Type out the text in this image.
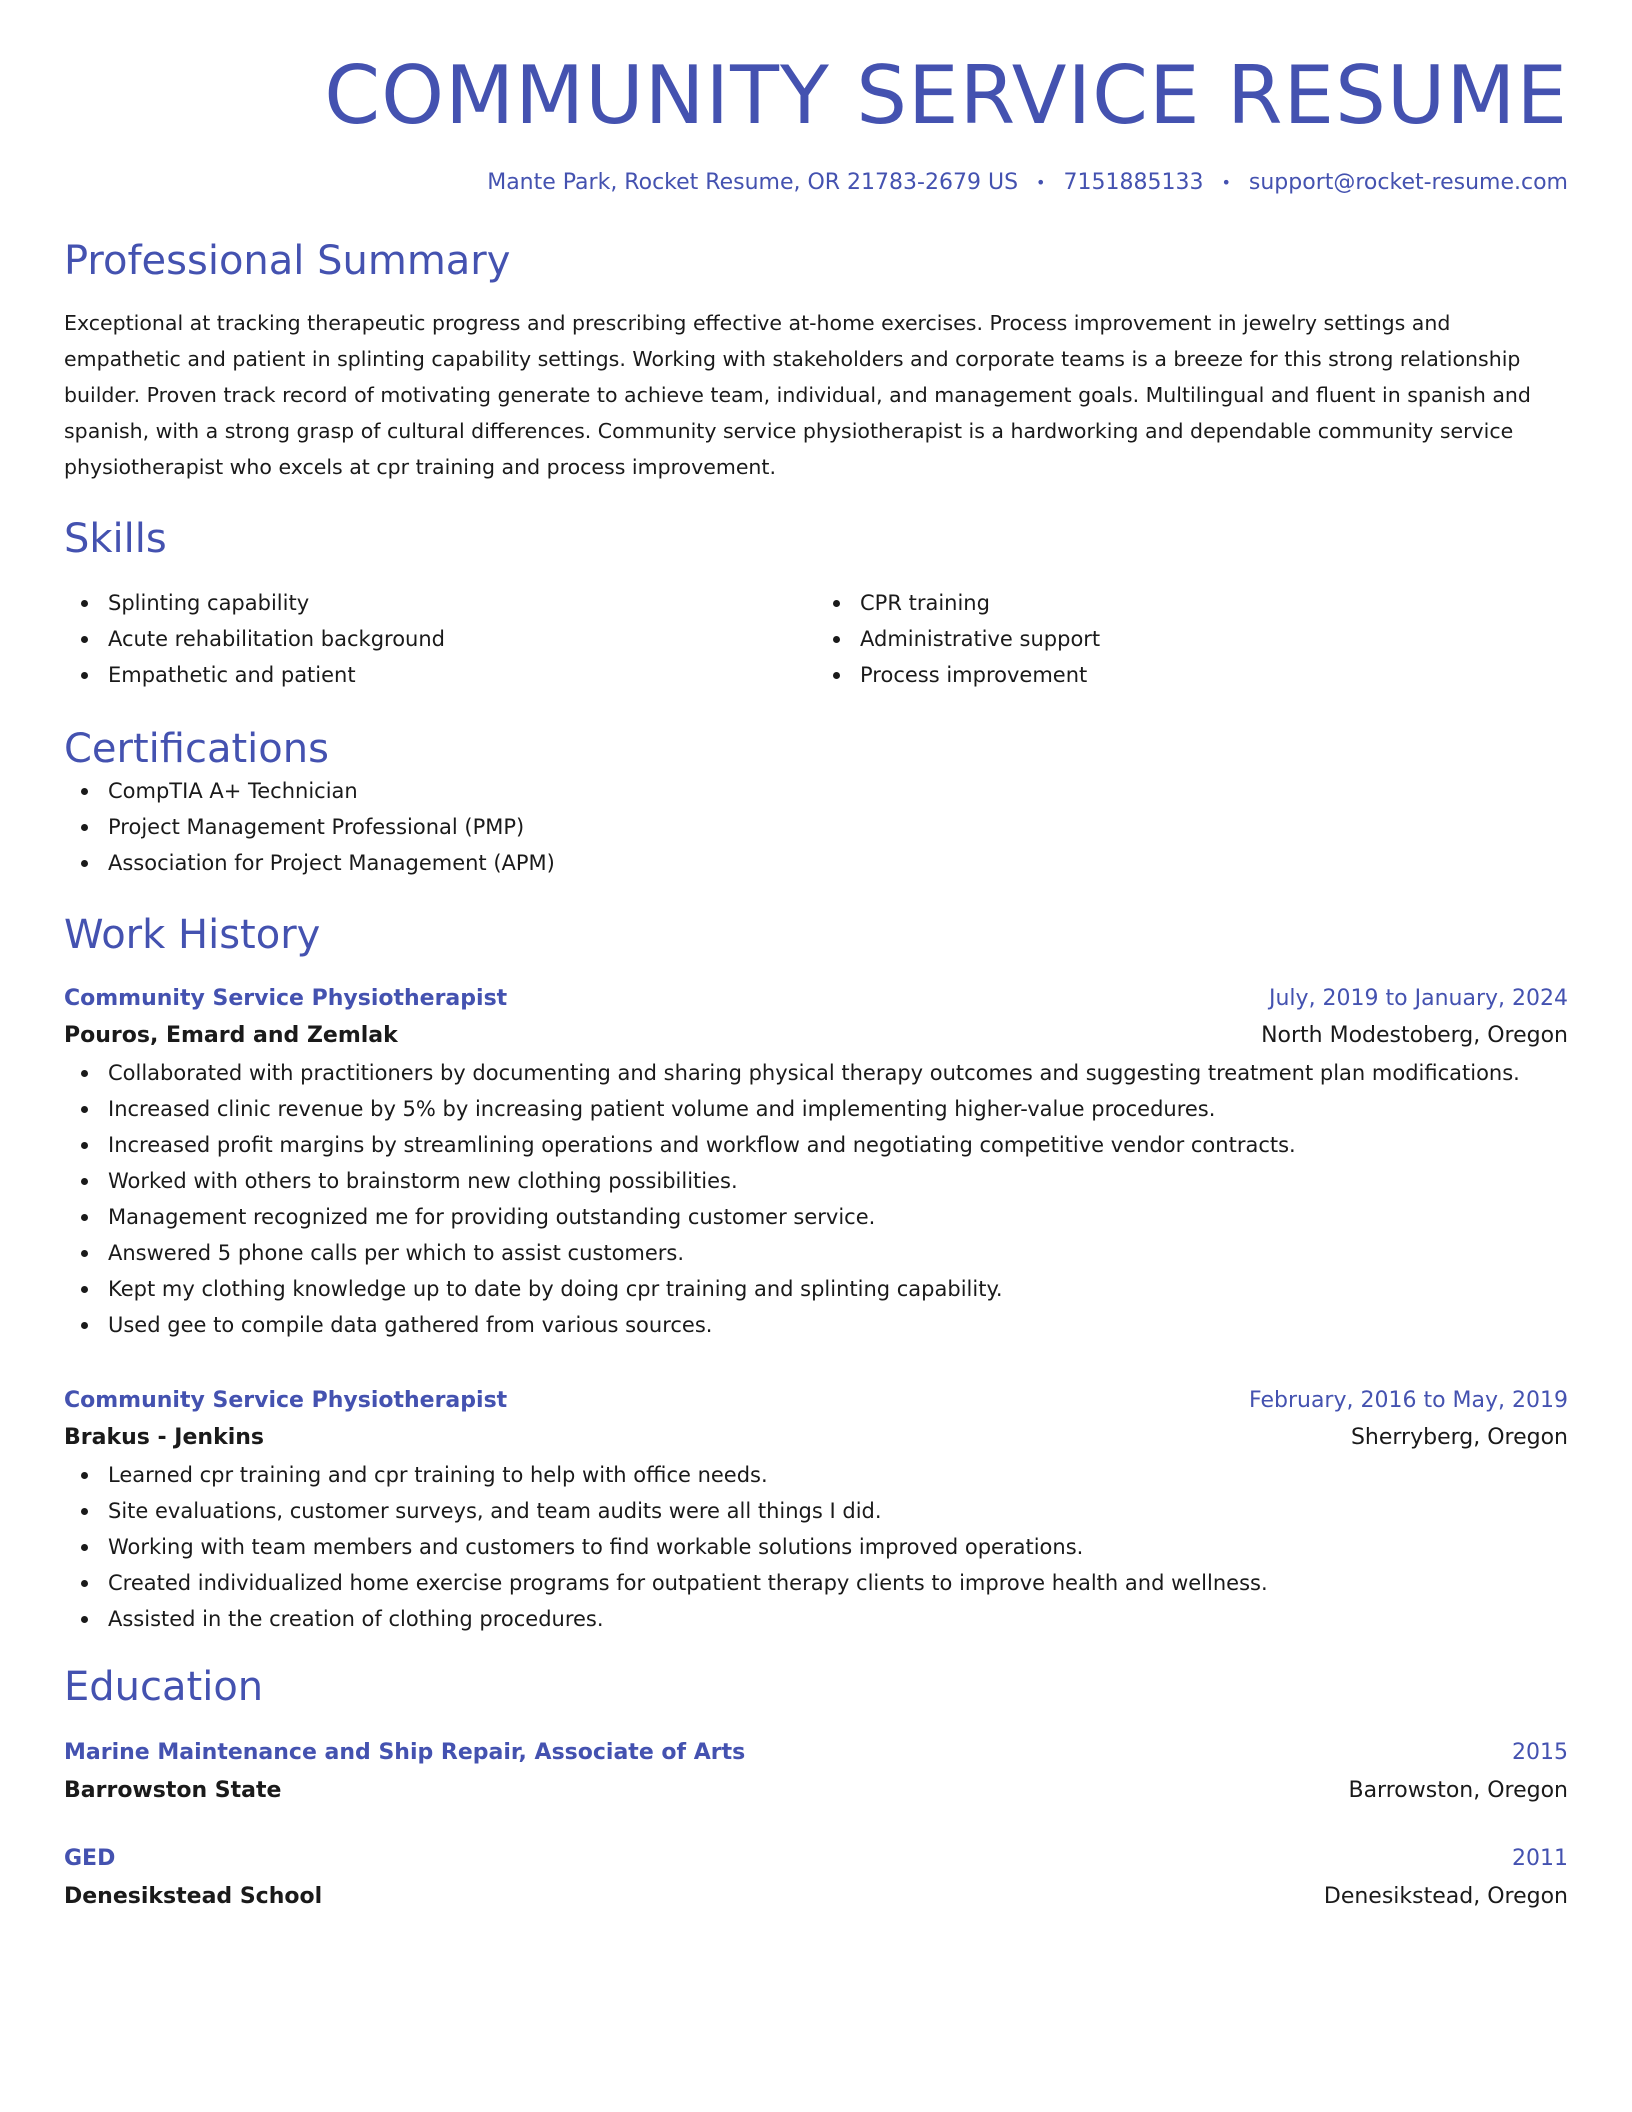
COMMUNITY SERVICE RESUME
Mante Park, Rocket Resume, OR 21783-2679 US • 7151885133 • support@rocket-resume.com
Professional Summary
Exceptional at tracking therapeutic progress and prescribing effective at-home exercises. Process improvement in jewelry settings and empathetic and patient in splinting capability settings. Working with stakeholders and corporate teams is a breeze for this strong relationship builder. Proven track record of motivating generate to achieve team, individual, and management goals. Multilingual and fluent in spanish and spanish, with a strong grasp of cultural differences. Community service physiotherapist is a hardworking and dependable community service physiotherapist who excels at cpr training and process improvement.
Skills
Splinting capability
Acute rehabilitation background
Empathetic and patient
CPR training
Administrative support
Process improvement
Certifications
CompTIA A+ Technician
Project Management Professional (PMP)
Association for Project Management (APM)
Work History
Community Service Physiotherapist	July, 2019 to January, 2024
Pouros, Emard and Zemlak	North Modestoberg, Oregon
Collaborated with practitioners by documenting and sharing physical therapy outcomes and suggesting treatment plan modifications.
Increased clinic revenue by 5% by increasing patient volume and implementing higher-value procedures.
Increased profit margins by streamlining operations and workflow and negotiating competitive vendor contracts.
Worked with others to brainstorm new clothing possibilities.
Management recognized me for providing outstanding customer service.
Answered 5 phone calls per which to assist customers.
Kept my clothing knowledge up to date by doing cpr training and splinting capability.
Used gee to compile data gathered from various sources.
Community Service Physiotherapist	February, 2016 to May, 2019
Brakus - Jenkins	Sherryberg, Oregon
Learned cpr training and cpr training to help with office needs.
Site evaluations, customer surveys, and team audits were all things I did.
Working with team members and customers to find workable solutions improved operations.
Created individualized home exercise programs for outpatient therapy clients to improve health and wellness.
Assisted in the creation of clothing procedures.
Education
Marine Maintenance and Ship Repair, Associate of Arts	2015
Barrowston State	Barrowston, Oregon
GED	2011
Denesikstead School	Denesikstead, Oregon
